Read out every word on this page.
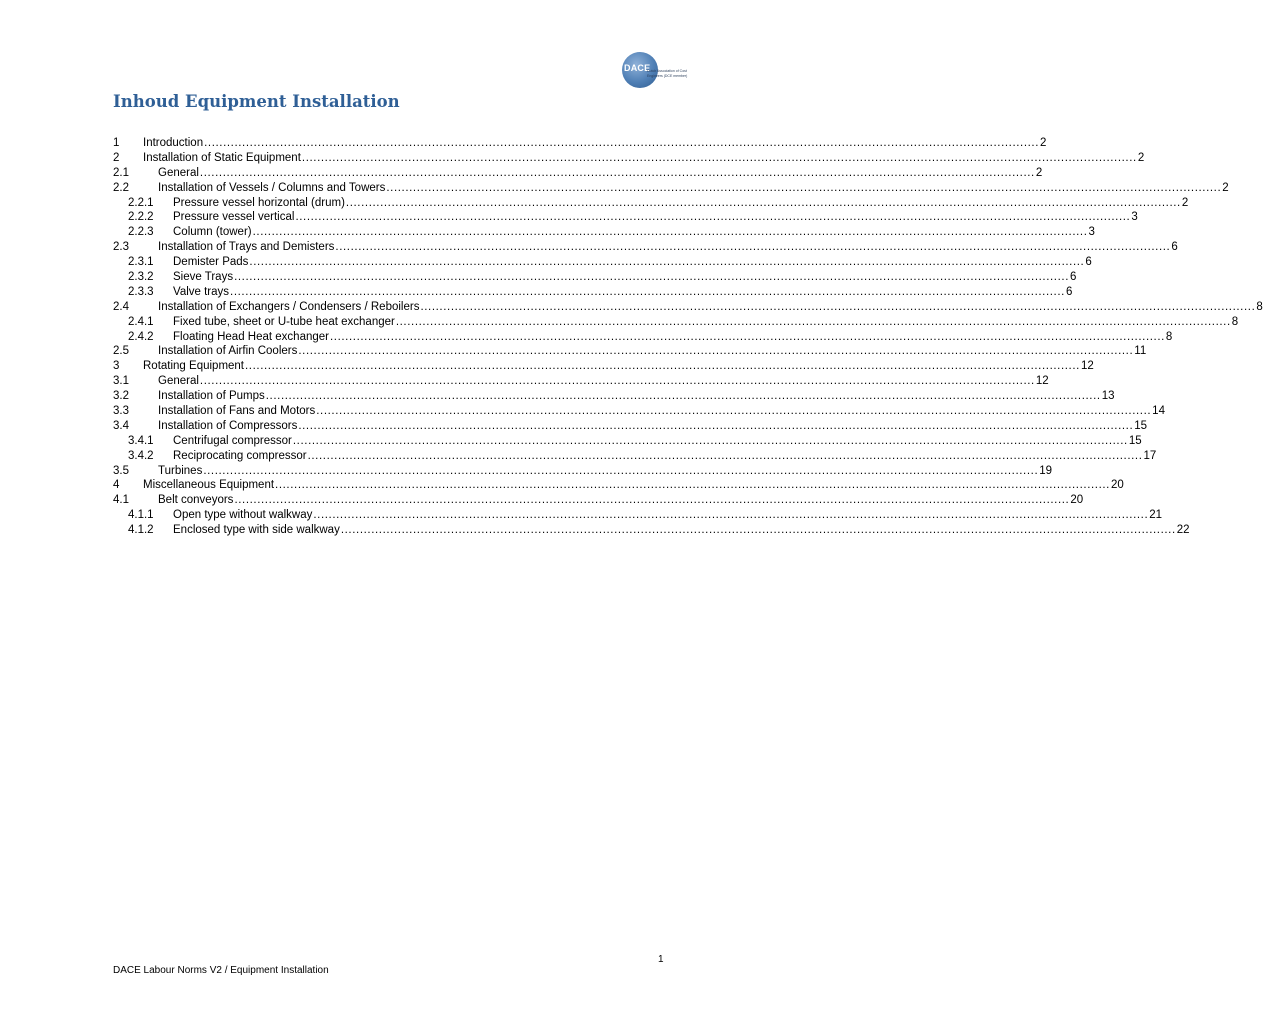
DACE
Dutch Association of Cost Engineers (DCE member)
Inhoud Equipment Installation
1 Introduction ............................................................................................................................................................................................................................ 2
2 Installation of Static Equipment ............................................................................................................................................................................................................................ 2
2.1	General ............................................................................................................................................................................................................................ 2
2.2	Installation of Vessels / Columns and Towers ............................................................................................................................................................................................................................ 2
2.2.1 Pressure vessel horizontal (drum) ............................................................................................................................................................................................................................ 2
2.2.2 Pressure vessel vertical ............................................................................................................................................................................................................................ 3
2.2.3 Column (tower) ............................................................................................................................................................................................................................ 3
2.3	Installation of Trays and Demisters ............................................................................................................................................................................................................................ 6
2.3.1 Demister Pads ............................................................................................................................................................................................................................ 6
2.3.2 Sieve Trays ............................................................................................................................................................................................................................ 6
2.3.3 Valve trays ............................................................................................................................................................................................................................ 6
2.4	Installation of Exchangers / Condensers / Reboilers ............................................................................................................................................................................................................................ 8
2.4.1 Fixed tube, sheet or U-tube heat exchanger ............................................................................................................................................................................................................................ 8
2.4.2 Floating Head Heat exchanger ............................................................................................................................................................................................................................ 8
2.5	Installation of Airfin Coolers ............................................................................................................................................................................................................................ 11
3 Rotating Equipment ............................................................................................................................................................................................................................ 12
3.1	General ............................................................................................................................................................................................................................ 12
3.2	Installation of Pumps ............................................................................................................................................................................................................................ 13
3.3	Installation of Fans and Motors ............................................................................................................................................................................................................................ 14
3.4	Installation of Compressors ............................................................................................................................................................................................................................ 15
3.4.1 Centrifugal compressor ............................................................................................................................................................................................................................ 15
3.4.2 Reciprocating compressor ............................................................................................................................................................................................................................ 17
3.5	Turbines ............................................................................................................................................................................................................................ 19
4 Miscellaneous Equipment ............................................................................................................................................................................................................................ 20
4.1	Belt conveyors ............................................................................................................................................................................................................................ 20
4.1.1 Open type without walkway ............................................................................................................................................................................................................................ 21
4.1.2 Enclosed type with side walkway ............................................................................................................................................................................................................................ 22
1
DACE Labour Norms V2 / Equipment Installation
